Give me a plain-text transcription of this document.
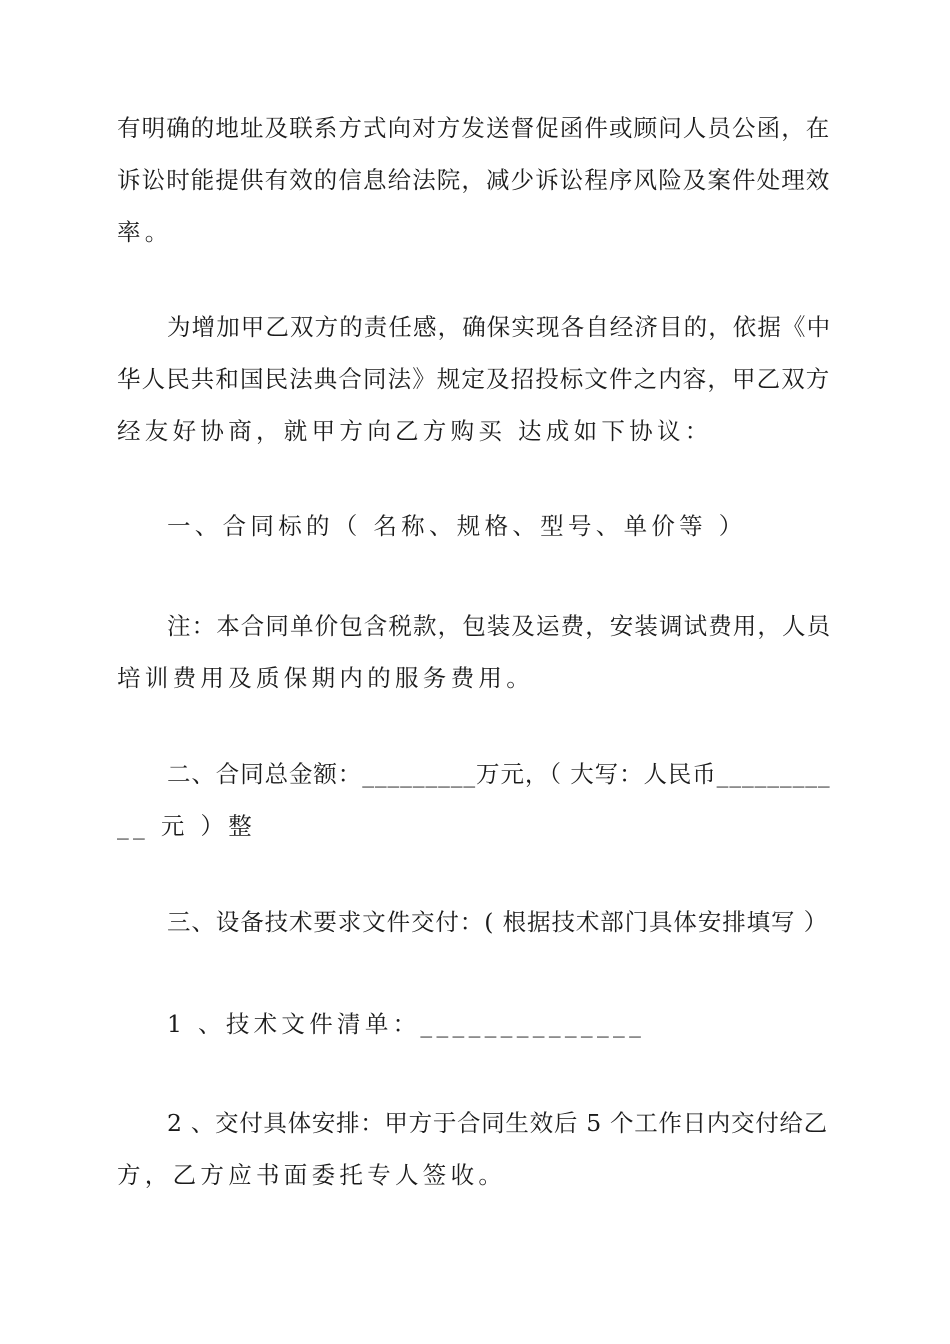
有明确的地址及联系方式向对方发送督促函件或顾问人员公函，在
诉讼时能提供有效的信息给法院，减少诉讼程序风险及案件处理效
率。
为增加甲乙双方的责任感，确保实现各自经济目的，依据《中
华人民共和国民法典合同法》规定及招投标文件之内容，甲乙双方
经友好协商，就甲方向乙方购买 达成如下协议：
一、合同标的（ 名称、规格、型号、单价等 ）
注：本合同单价包含税款，包装及运费，安装调试费用，人员
培训费用及质保期内的服务费用。
二、合同总金额：_________万元，（ 大写：人民币_________
__ 元 ）整
三、设备技术要求文件交付：( 根据技术部门具体安排填写 ）
1 、技术文件清单：______________
2 、交付具体安排：甲方于合同生效后 5 个工作日内交付给乙
方，乙方应书面委托专人签收。
